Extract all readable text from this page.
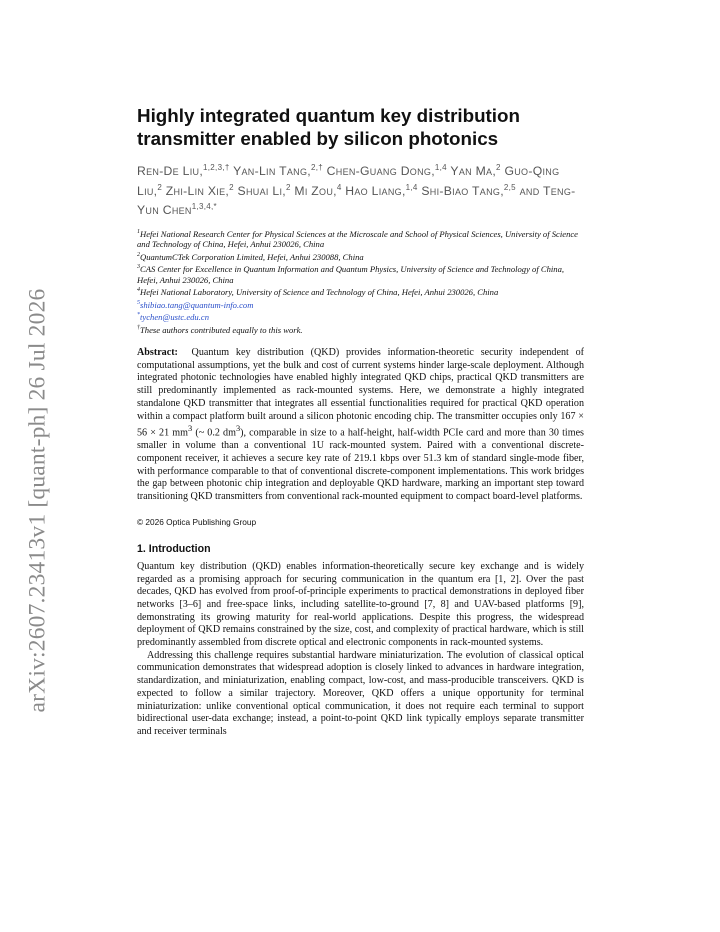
arXiv:2607.23413v1 [quant-ph] 26 Jul 2026
Highly integrated quantum key distribution
transmitter enabled by silicon photonics
Ren-De Liu,$^{1,2,3,\dagger}$ Yan-Lin Tang,$^{2,\dagger}$ Chen-Guang Dong,$^{1,4}$ Yan Ma,$^2$ Guo-Qing Liu,$^2$ Zhi-Lin Xie,$^2$ Shuai Li,$^2$ Mi Zou,$^4$ Hao Liang,$^{1,4}$ Shi-Biao Tang,$^{2,5}$ and Teng-Yun Chen$^{1,3,4,*}$
$^1$Hefei National Research Center for Physical Sciences at the Microscale and School of Physical Sciences, University of Science and Technology of China, Hefei, Anhui 230026, China
$^2$QuantumCTek Corporation Limited, Hefei, Anhui 230088, China
$^3$CAS Center for Excellence in Quantum Information and Quantum Physics, University of Science and Technology of China, Hefei, Anhui 230026, China
$^4$Hefei National Laboratory, University of Science and Technology of China, Hefei, Anhui 230026, China
$^5$shibiao.tang@quantum-info.com
*tychen@ustc.edu.cn
†These authors contributed equally to this work.
Abstract: Quantum key distribution (QKD) provides information-theoretic security independent of computational assumptions, yet the bulk and cost of current systems hinder large-scale deployment. Although integrated photonic technologies have enabled highly integrated QKD chips, practical QKD transmitters are still predominantly implemented as rack-mounted systems. Here, we demonstrate a highly integrated standalone QKD transmitter that integrates all essential functionalities required for practical QKD operation within a compact platform built around a silicon photonic encoding chip. The transmitter occupies only 167 × 56 × 21 $mm^3$ (~ 0.2 $dm^3$), comparable in size to a half-height, half-width PCIe card and more than 30 times smaller in volume than a conventional 1U rack-mounted system. Paired with a conventional discrete-component receiver, it achieves a secure key rate of 219.1 kbps over 51.3 km of standard single-mode fiber, with performance comparable to that of conventional discrete-component implementations. This work bridges the gap between photonic chip integration and deployable QKD hardware, marking an important step toward transitioning QKD transmitters from conventional rack-mounted equipment to compact board-level platforms.
© 2026 Optica Publishing Group
1. Introduction

Quantum key distribution (QKD) enables information-theoretically secure key exchange and is widely regarded as a promising approach for securing communication in the quantum era [1, 2]. Over the past decades, QKD has evolved from proof-of-principle experiments to practical demonstrations in deployed fiber networks [3–6] and free-space links, including satellite-to-ground [7, 8] and UAV-based platforms [9], demonstrating its growing maturity for real-world applications. Despite this progress, the widespread deployment of QKD remains constrained by the size, cost, and complexity of practical hardware, which is still predominantly assembled from discrete optical and electronic components in rack-mounted systems.

Addressing this challenge requires substantial hardware miniaturization. The evolution of classical optical communication demonstrates that widespread adoption is closely linked to advances in hardware integration, standardization, and miniaturization, enabling compact, low-cost, and mass-producible transceivers. QKD is expected to follow a similar trajectory. Moreover, QKD offers a unique opportunity for terminal miniaturization: unlike conventional optical communication, it does not require each terminal to support bidirectional user-data exchange; instead, a point-to-point QKD link typically employs separate transmitter and receiver terminals
